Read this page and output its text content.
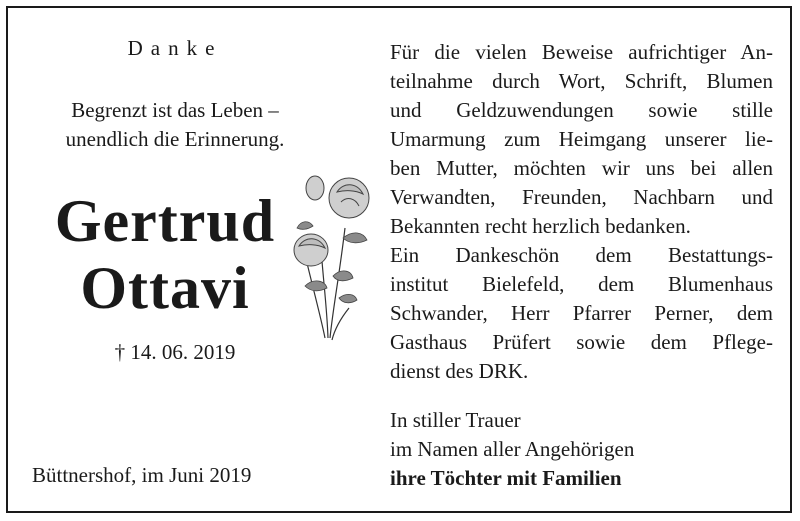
Danke
Begrenzt ist das Leben –
unendlich die Erinnerung.
Gertrud
Ottavi
† 14. 06. 2019
Büttnershof, im Juni 2019
Für die vielen Beweise aufrichtiger An-
teilnahme durch Wort, Schrift, Blumen
und Geldzuwendungen sowie stille
Umarmung zum Heimgang unserer lie-
ben Mutter, möchten wir uns bei allen
Verwandten, Freunden, Nachbarn und
Bekannten recht herzlich bedanken.
Ein Dankeschön dem Bestattungs-
institut Bielefeld, dem Blumenhaus
Schwander, Herr Pfarrer Perner, dem
Gasthaus Prüfert sowie dem Pflege-
dienst des DRK.
In stiller Trauer
im Namen aller Angehörigen
ihre Töchter mit Familien
